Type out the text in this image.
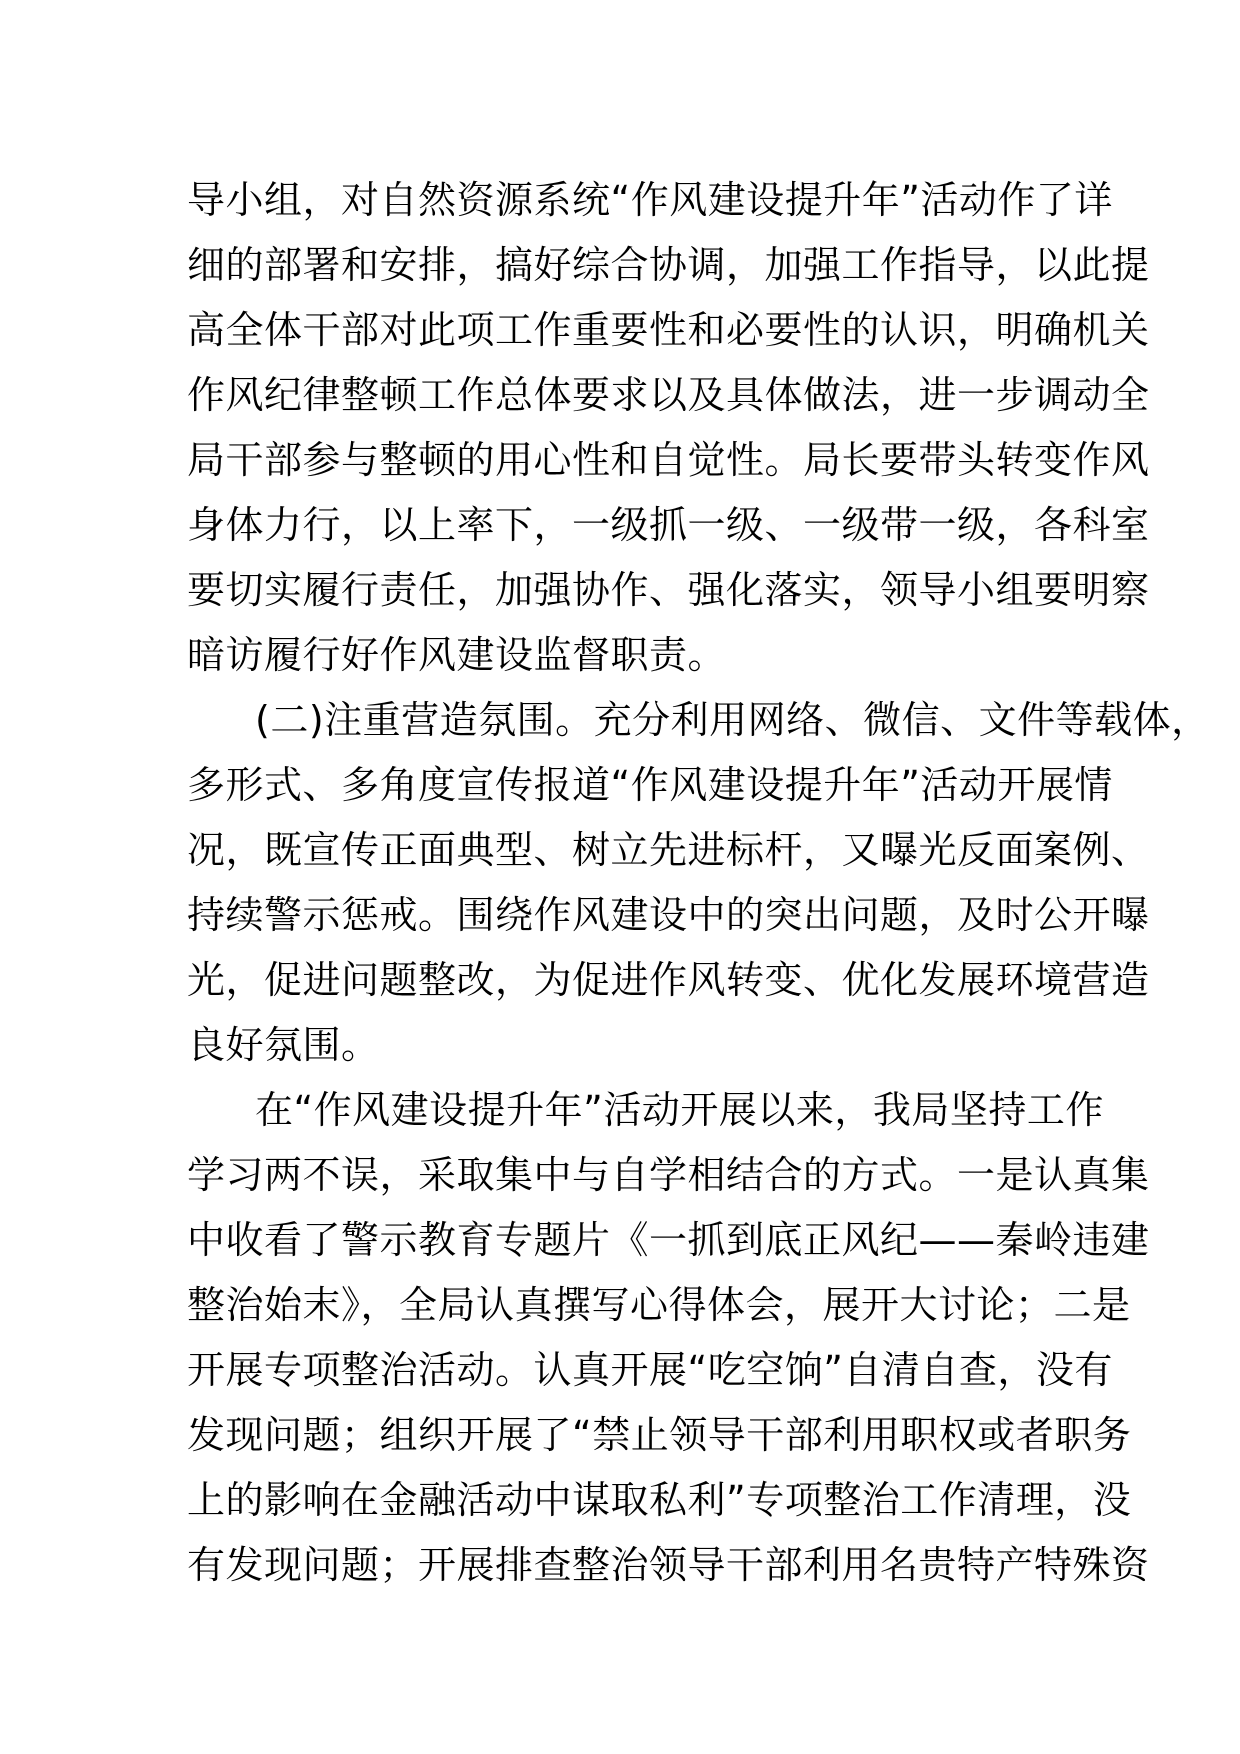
导小组，对自然资源系统“作风建设提升年”活动作了详
细的部署和安排，搞好综合协调，加强工作指导，以此提
高全体干部对此项工作重要性和必要性的认识，明确机关
作风纪律整顿工作总体要求以及具体做法，进一步调动全
局干部参与整顿的用心性和自觉性。局长要带头转变作风
身体力行，以上率下，一级抓一级、一级带一级，各科室
要切实履行责任，加强协作、强化落实，领导小组要明察
暗访履行好作风建设监督职责。
(二)注重营造氛围。充分利用网络、微信、文件等载体，
多形式、多角度宣传报道“作风建设提升年”活动开展情
况，既宣传正面典型、树立先进标杆，又曝光反面案例、
持续警示惩戒。围绕作风建设中的突出问题，及时公开曝
光，促进问题整改，为促进作风转变、优化发展环境营造
良好氛围。
在“作风建设提升年”活动开展以来，我局坚持工作
学习两不误，采取集中与自学相结合的方式。一是认真集
中收看了警示教育专题片《一抓到底正风纪——秦岭违建
整治始末》，全局认真撰写心得体会，展开大讨论；二是
开展专项整治活动。认真开展“吃空饷”自清自查，没有
发现问题；组织开展了“禁止领导干部利用职权或者职务
上的影响在金融活动中谋取私利”专项整治工作清理，没
有发现问题；开展排查整治领导干部利用名贵特产特殊资
